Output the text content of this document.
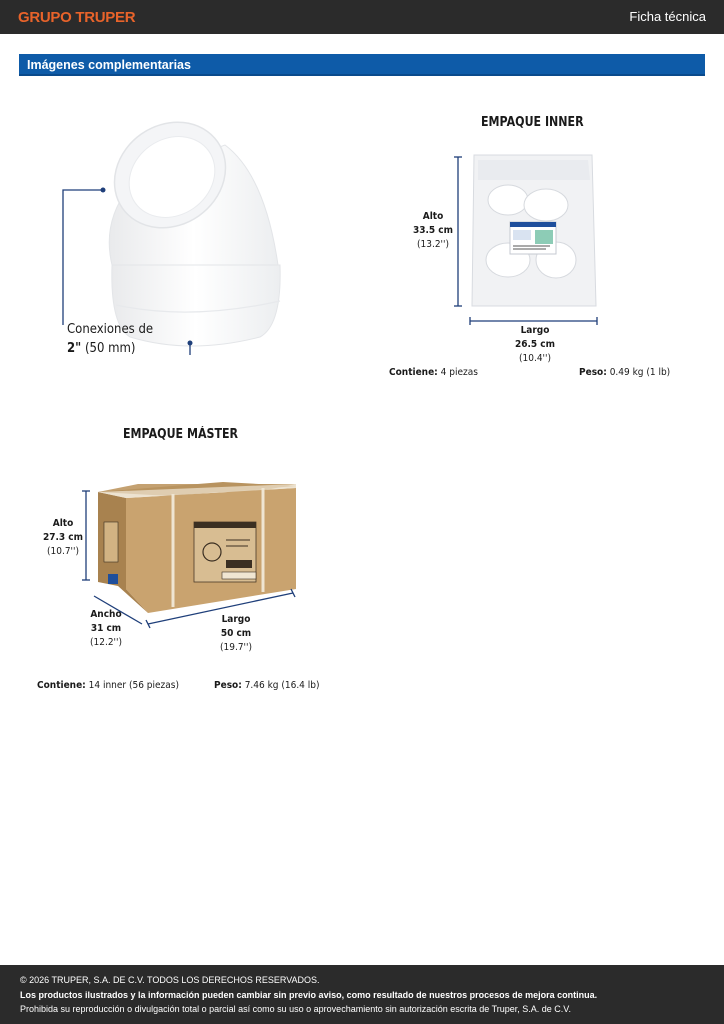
GRUPO TRUPER	Ficha técnica
Imágenes complementarias
Conexiones de
2" (50 mm)
EMPAQUE INNER
Alto
33.5 cm
(13.2'')
Largo
26.5 cm
(10.4'')
Contiene: 4 piezas	Peso: 0.49 kg (1 lb)
EMPAQUE MÁSTER
Alto
27.3 cm
(10.7'')
Ancho
31 cm
(12.2'')
Largo
50 cm
(19.7'')
Contiene: 14 inner (56 piezas)	Peso: 7.46 kg (16.4 lb)
© 2026 TRUPER, S.A. DE C.V. TODOS LOS DERECHOS RESERVADOS.
Los productos ilustrados y la información pueden cambiar sin previo aviso, como resultado de nuestros procesos de mejora continua.
Prohibida su reproducción o divulgación total o parcial así como su uso o aprovechamiento sin autorización escrita de Truper, S.A. de C.V.
